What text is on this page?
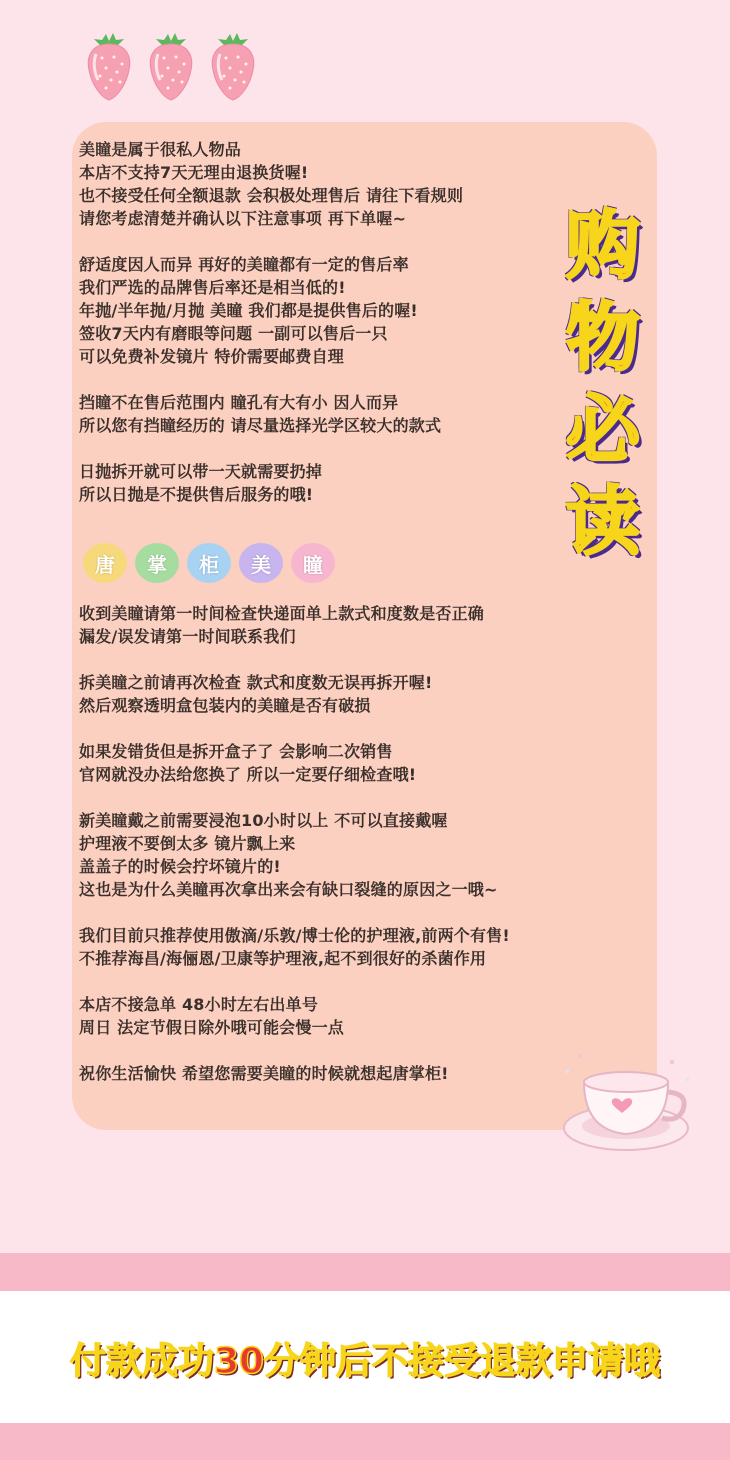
美瞳是属于很私人物品
本店不支持7天无理由退换货喔!
也不接受任何全额退款 会积极处理售后 请往下看规则
请您考虑清楚并确认以下注意事项 再下单喔~
舒适度因人而异 再好的美瞳都有一定的售后率
我们严选的品牌售后率还是相当低的!
年抛/半年抛/月抛 美瞳 我们都是提供售后的喔!
签收7天内有磨眼等问题 一副可以售后一只
可以免费补发镜片 特价需要邮费自理
挡瞳不在售后范围内 瞳孔有大有小 因人而异
所以您有挡瞳经历的 请尽量选择光学区较大的款式
日抛拆开就可以带一天就需要扔掉
所以日抛是不提供售后服务的哦!
唐	掌	柜	美	瞳
收到美瞳请第一时间检查快递面单上款式和度数是否正确
漏发/误发请第一时间联系我们
拆美瞳之前请再次检查 款式和度数无误再拆开喔!
然后观察透明盒包装内的美瞳是否有破损
如果发错货但是拆开盒子了 会影响二次销售
官网就没办法给您换了 所以一定要仔细检查哦!
新美瞳戴之前需要浸泡10小时以上 不可以直接戴喔
护理液不要倒太多 镜片飘上来
盖盖子的时候会拧坏镜片的!
这也是为什么美瞳再次拿出来会有缺口裂缝的原因之一哦~
我们目前只推荐使用傲滴/乐敦/博士伦的护理液,前两个有售!
不推荐海昌/海俪恩/卫康等护理液,起不到很好的杀菌作用
本店不接急单 48小时左右出单号
周日 法定节假日除外哦可能会慢一点
祝你生活愉快 希望您需要美瞳的时候就想起唐掌柜!
购
物
必
读
付款成功30分钟后不接受退款申请哦
